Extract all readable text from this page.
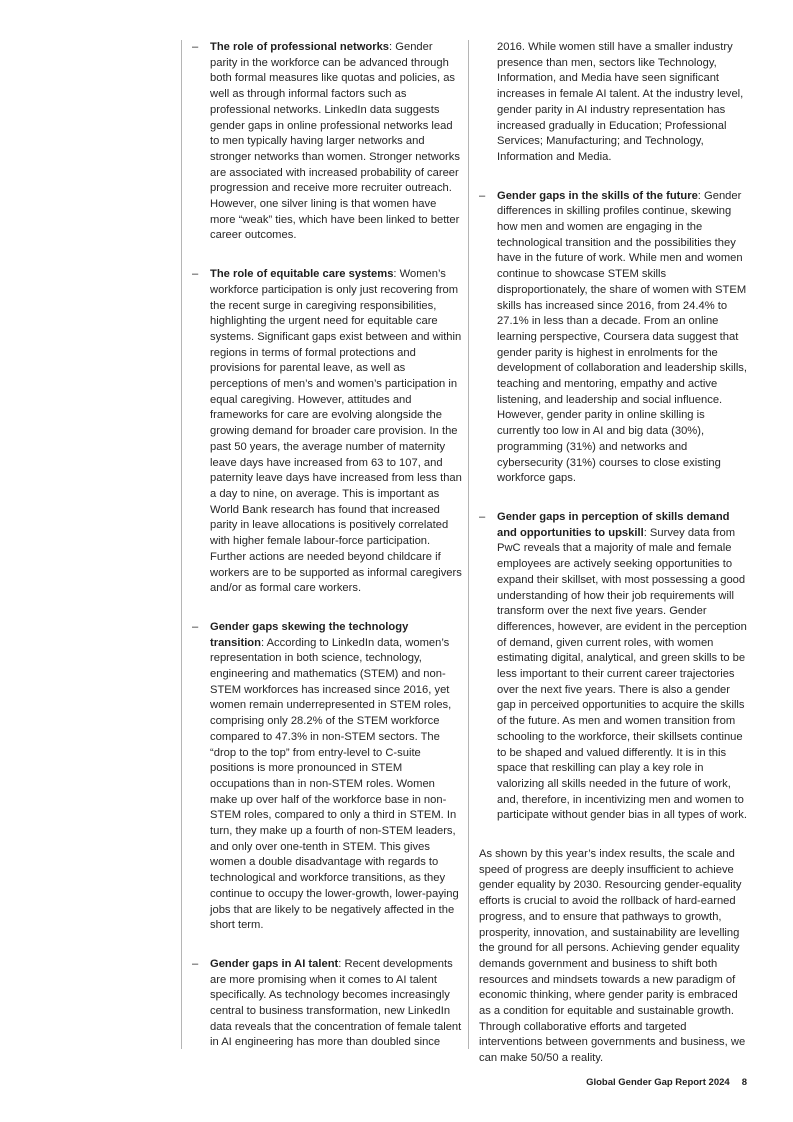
– The role of professional networks: Gender parity in the workforce can be advanced through both formal measures like quotas and policies, as well as through informal factors such as professional networks. LinkedIn data suggests gender gaps in online professional networks lead to men typically having larger networks and stronger networks than women. Stronger networks are associated with increased probability of career progression and receive more recruiter outreach. However, one silver lining is that women have more “weak” ties, which have been linked to better career outcomes.
– The role of equitable care systems: Women’s workforce participation is only just recovering from the recent surge in caregiving responsibilities, highlighting the urgent need for equitable care systems. Significant gaps exist between and within regions in terms of formal protections and provisions for parental leave, as well as perceptions of men’s and women’s participation in equal caregiving. However, attitudes and frameworks for care are evolving alongside the growing demand for broader care provision. In the past 50 years, the average number of maternity leave days have increased from 63 to 107, and paternity leave days have increased from less than a day to nine, on average. This is important as World Bank research has found that increased parity in leave allocations is positively correlated with higher female labour-force participation. Further actions are needed beyond childcare if workers are to be supported as informal caregivers and/or as formal care workers.
– Gender gaps skewing the technology transition: According to LinkedIn data, women’s representation in both science, technology, engineering and mathematics (STEM) and non-STEM workforces has increased since 2016, yet women remain underrepresented in STEM roles, comprising only 28.2% of the STEM workforce compared to 47.3% in non-STEM sectors. The “drop to the top” from entry-level to C-suite positions is more pronounced in STEM occupations than in non-STEM roles. Women make up over half of the workforce base in non-STEM roles, compared to only a third in STEM. In turn, they make up a fourth of non-STEM leaders, and only over one-tenth in STEM. This gives women a double disadvantage with regards to technological and workforce transitions, as they continue to occupy the lower-growth, lower-paying jobs that are likely to be negatively affected in the short term.
– Gender gaps in AI talent: Recent developments are more promising when it comes to AI talent specifically. As technology becomes increasingly central to business transformation, new LinkedIn data reveals that the concentration of female talent in AI engineering has more than doubled since
2016. While women still have a smaller industry presence than men, sectors like Technology, Information, and Media have seen significant increases in female AI talent. At the industry level, gender parity in AI industry representation has increased gradually in Education; Professional Services; Manufacturing; and Technology, Information and Media.
– Gender gaps in the skills of the future: Gender differences in skilling profiles continue, skewing how men and women are engaging in the technological transition and the possibilities they have in the future of work. While men and women continue to showcase STEM skills disproportionately, the share of women with STEM skills has increased since 2016, from 24.4% to 27.1% in less than a decade. From an online learning perspective, Coursera data suggest that gender parity is highest in enrolments for the development of collaboration and leadership skills, teaching and mentoring, empathy and active listening, and leadership and social influence. However, gender parity in online skilling is currently too low in AI and big data (30%), programming (31%) and networks and cybersecurity (31%) courses to close existing workforce gaps.
– Gender gaps in perception of skills demand and opportunities to upskill: Survey data from PwC reveals that a majority of male and female employees are actively seeking opportunities to expand their skillset, with most possessing a good understanding of how their job requirements will transform over the next five years. Gender differences, however, are evident in the perception of demand, given current roles, with women estimating digital, analytical, and green skills to be less important to their current career trajectories over the next five years. There is also a gender gap in perceived opportunities to acquire the skills of the future. As men and women transition from schooling to the workforce, their skillsets continue to be shaped and valued differently. It is in this space that reskilling can play a key role in valorizing all skills needed in the future of work, and, therefore, in incentivizing men and women to participate without gender bias in all types of work.
As shown by this year’s index results, the scale and speed of progress are deeply insufficient to achieve gender equality by 2030. Resourcing gender-equality efforts is crucial to avoid the rollback of hard-earned progress, and to ensure that pathways to growth, prosperity, innovation, and sustainability are levelling the ground for all persons. Achieving gender equality demands government and business to shift both resources and mindsets towards a new paradigm of economic thinking, where gender parity is embraced as a condition for equitable and sustainable growth. Through collaborative efforts and targeted interventions between governments and business, we can make 50/50 a reality.
Global Gender Gap Report 2024 8
